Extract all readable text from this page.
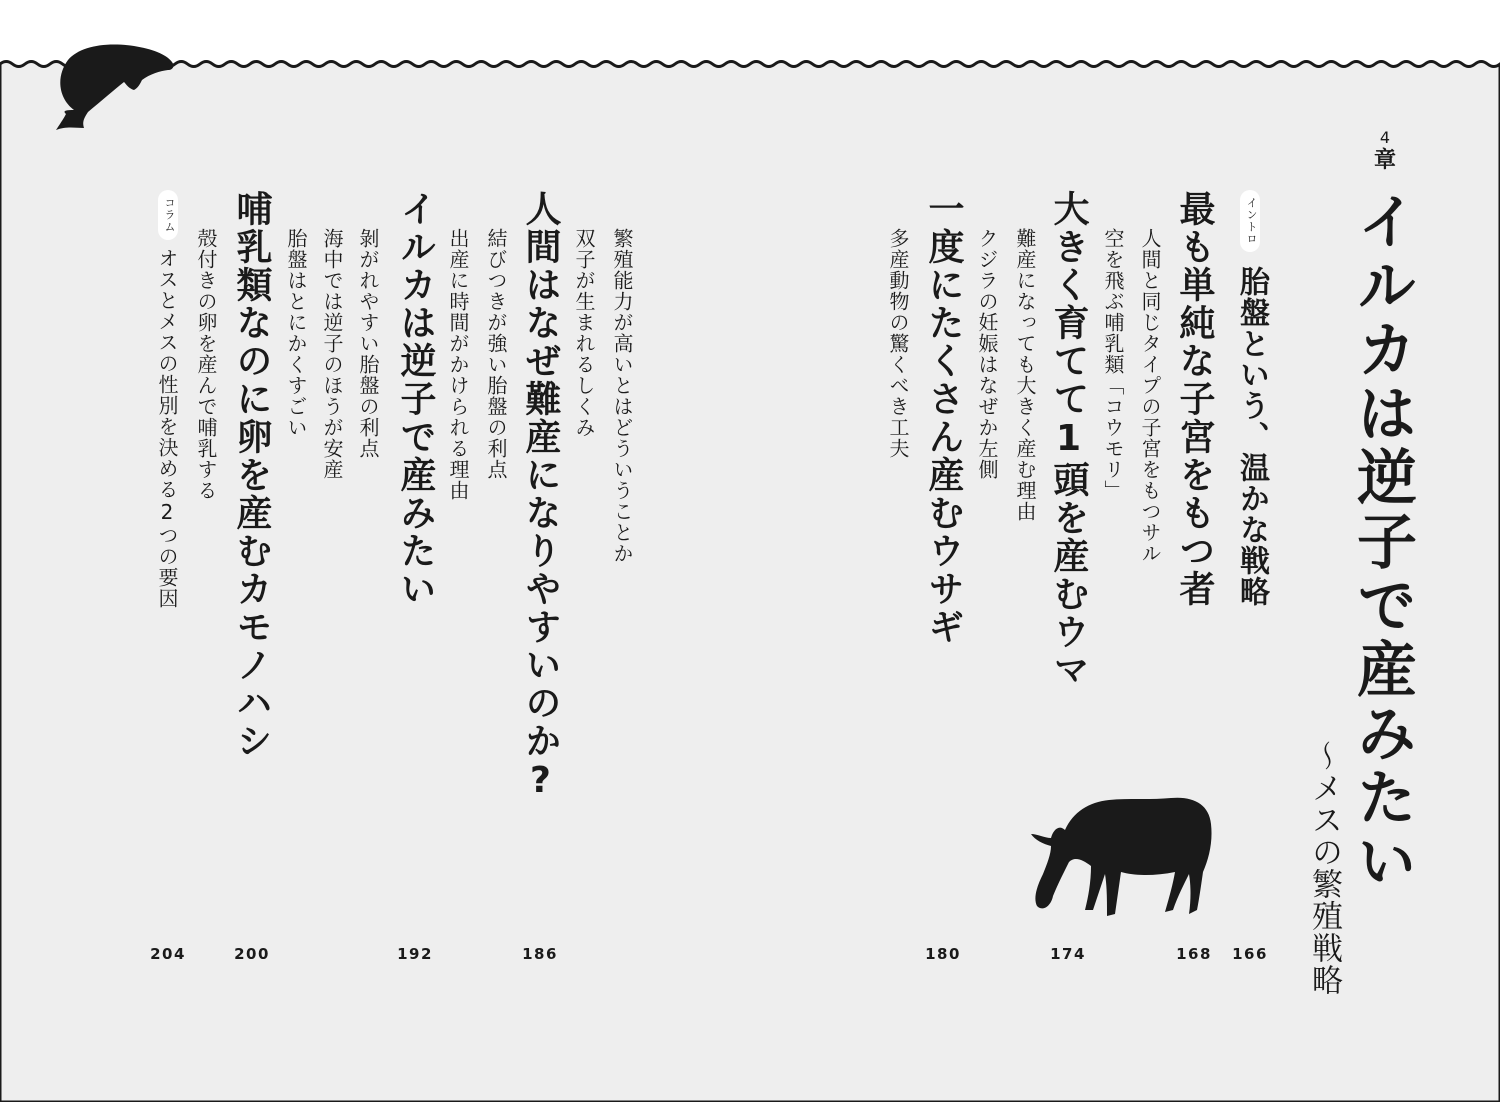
4
章
イルカは逆子で産みたい
〜メスの繁殖戦略
イントロ
胎盤という、温かな戦略
166
最も単純な子宮をもつ者
人間と同じタイプの子宮をもつサル
空を飛ぶ哺乳類「コウモリ」
168
大きく育てて1頭を産むウマ
難産になっても大きく産む理由
クジラの妊娠はなぜか左側
174
一度にたくさん産むウサギ
多産動物の驚くべき工夫
180
人間はなぜ難産になりやすいのか? 双子が生まれるしくみ 繁殖能力が高いとはどういうことか
186
イルカは逆子で産みたい 結びつきが強い胎盤の利点
出産に時間がかけられる理由
192
哺乳類なのに卵を産むカモノハシ	剝がれやすい胎盤の利点
海中では逆子のほうが安産
胎盤はとにかくすごい
200
殻付きの卵を産んで哺乳する
コラム
オスとメスの性別を決める2つの要因
204
